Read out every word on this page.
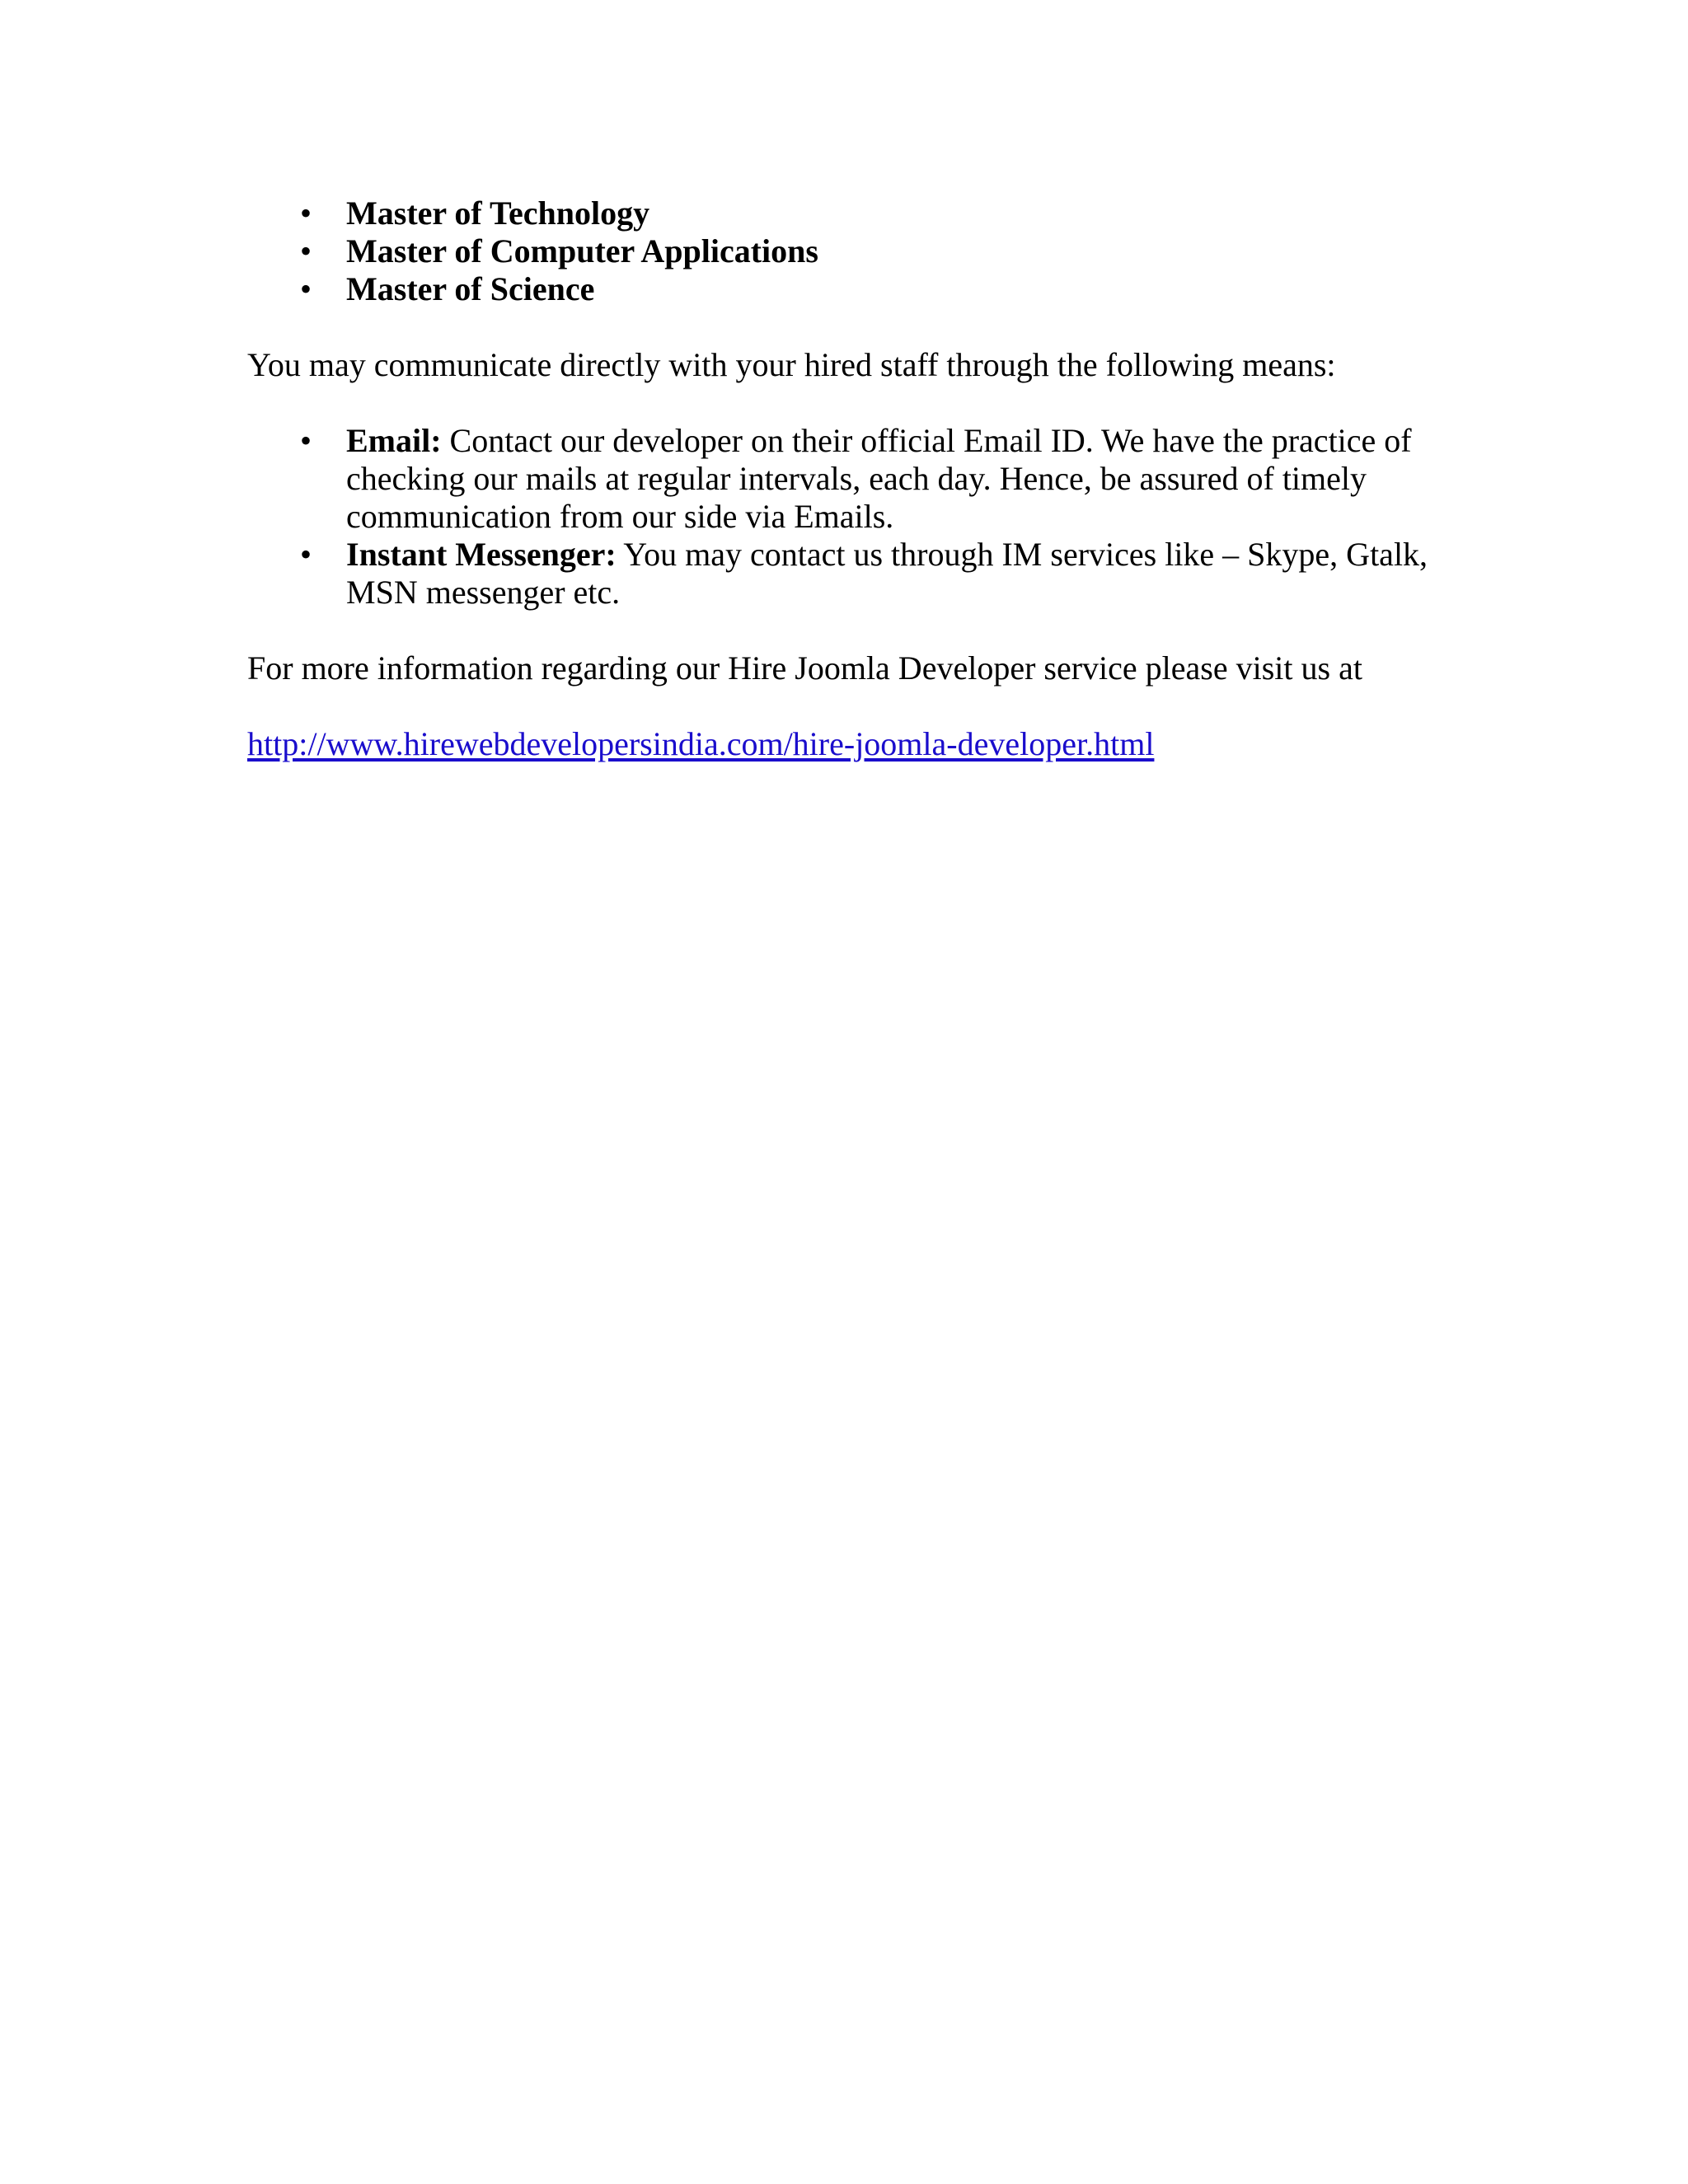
• Master of Technology
• Master of Computer Applications
• Master of Science

You may communicate directly with your hired staff through the following means:

• Email: Contact our developer on their official Email ID. We have the practice of checking our mails at regular intervals, each day. Hence, be assured of timely communication from our side via Emails.
• Instant Messenger: You may contact us through IM services like – Skype, Gtalk, MSN messenger etc.

For more information regarding our Hire Joomla Developer service please visit us at

http://www.hirewebdevelopersindia.com/hire-joomla-developer.html
